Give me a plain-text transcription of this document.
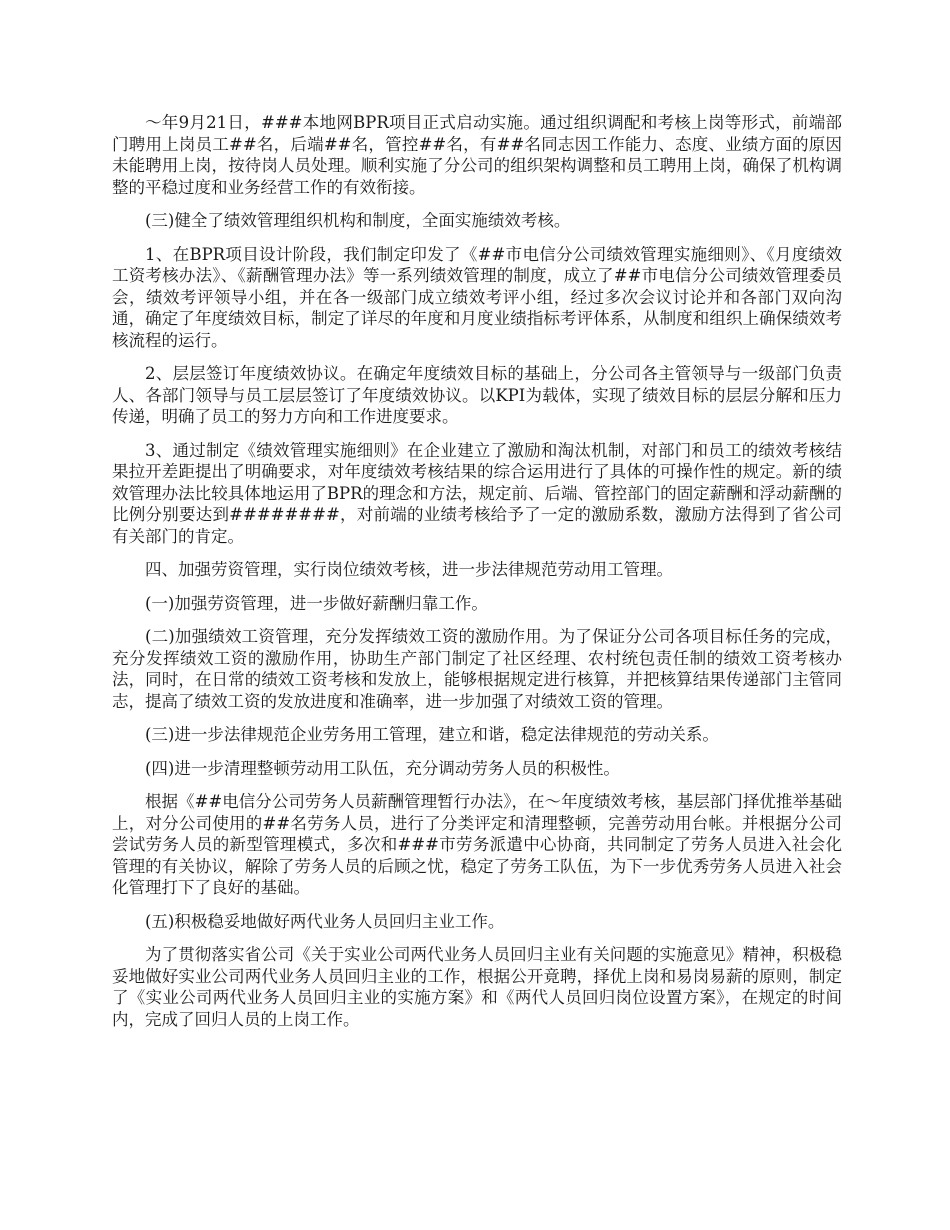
～年9月21日，###本地网BPR项目正式启动实施。通过组织调配和考核上岗等形式，前端部门聘用上岗员工##名，后端##名，管控##名，有##名同志因工作能力、态度、业绩方面的原因未能聘用上岗，按待岗人员处理。顺利实施了分公司的组织架构调整和员工聘用上岗，确保了机构调整的平稳过度和业务经营工作的有效衔接。

(三)健全了绩效管理组织机构和制度，全面实施绩效考核。

1、在BPR项目设计阶段，我们制定印发了《##市电信分公司绩效管理实施细则》、《月度绩效工资考核办法》、《薪酬管理办法》等一系列绩效管理的制度，成立了##市电信分公司绩效管理委员会，绩效考评领导小组，并在各一级部门成立绩效考评小组，经过多次会议讨论并和各部门双向沟通，确定了年度绩效目标，制定了详尽的年度和月度业绩指标考评体系，从制度和组织上确保绩效考核流程的运行。

2、层层签订年度绩效协议。在确定年度绩效目标的基础上，分公司各主管领导与一级部门负责人、各部门领导与员工层层签订了年度绩效协议。以KPI为载体，实现了绩效目标的层层分解和压力传递，明确了员工的努力方向和工作进度要求。

3、通过制定《绩效管理实施细则》在企业建立了激励和淘汰机制，对部门和员工的绩效考核结果拉开差距提出了明确要求，对年度绩效考核结果的综合运用进行了具体的可操作性的规定。新的绩效管理办法比较具体地运用了BPR的理念和方法，规定前、后端、管控部门的固定薪酬和浮动薪酬的比例分别要达到########，对前端的业绩考核给予了一定的激励系数，激励方法得到了省公司有关部门的肯定。

四、加强劳资管理，实行岗位绩效考核，进一步法律规范劳动用工管理。

(一)加强劳资管理，进一步做好薪酬归靠工作。

(二)加强绩效工资管理，充分发挥绩效工资的激励作用。为了保证分公司各项目标任务的完成，充分发挥绩效工资的激励作用，协助生产部门制定了社区经理、农村统包责任制的绩效工资考核办法，同时，在日常的绩效工资考核和发放上，能够根据规定进行核算，并把核算结果传递部门主管同志，提高了绩效工资的发放进度和准确率，进一步加强了对绩效工资的管理。

(三)进一步法律规范企业劳务用工管理，建立和谐，稳定法律规范的劳动关系。

(四)进一步清理整顿劳动用工队伍，充分调动劳务人员的积极性。

根据《##电信分公司劳务人员薪酬管理暂行办法》，在～年度绩效考核，基层部门择优推举基础上，对分公司使用的##名劳务人员，进行了分类评定和清理整顿，完善劳动用台帐。并根据分公司尝试劳务人员的新型管理模式，多次和###市劳务派遣中心协商，共同制定了劳务人员进入社会化管理的有关协议，解除了劳务人员的后顾之忧，稳定了劳务工队伍，为下一步优秀劳务人员进入社会化管理打下了良好的基础。

(五)积极稳妥地做好两代业务人员回归主业工作。

为了贯彻落实省公司《关于实业公司两代业务人员回归主业有关问题的实施意见》精神，积极稳妥地做好实业公司两代业务人员回归主业的工作，根据公开竟聘，择优上岗和易岗易薪的原则，制定了《实业公司两代业务人员回归主业的实施方案》和《两代人员回归岗位设置方案》，在规定的时间内，完成了回归人员的上岗工作。
